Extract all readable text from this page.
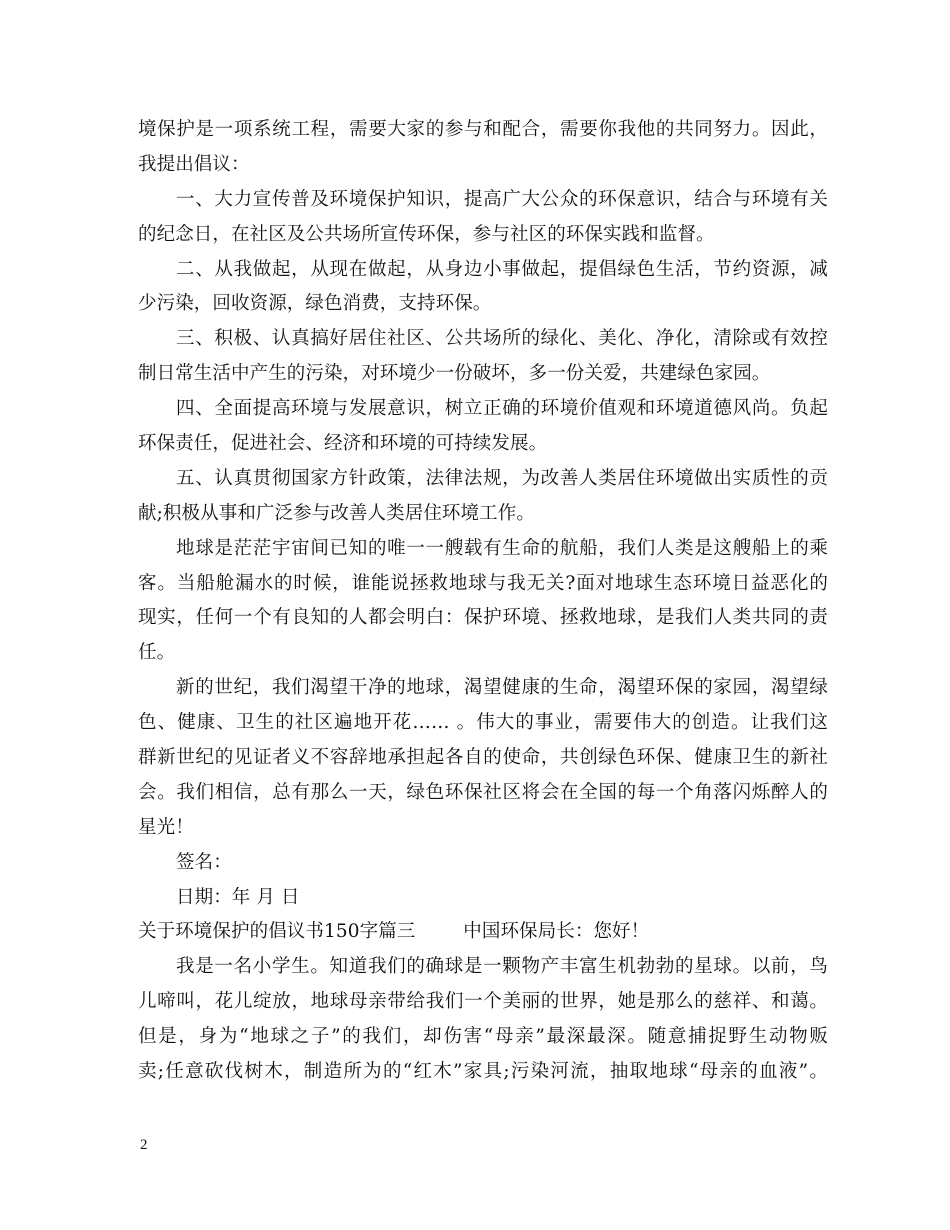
境保护是一项系统工程，需要大家的参与和配合，需要你我他的共同努力。因此，
我提出倡议：
一、大力宣传普及环境保护知识，提高广大公众的环保意识，结合与环境有关
的纪念日，在社区及公共场所宣传环保，参与社区的环保实践和监督。
二、从我做起，从现在做起，从身边小事做起，提倡绿色生活，节约资源，减
少污染，回收资源，绿色消费，支持环保。
三、积极、认真搞好居住社区、公共场所的绿化、美化、净化，清除或有效控
制日常生活中产生的污染，对环境少一份破坏，多一份关爱，共建绿色家园。
四、全面提高环境与发展意识，树立正确的环境价值观和环境道德风尚。负起
环保责任，促进社会、经济和环境的可持续发展。
五、认真贯彻国家方针政策，法律法规，为改善人类居住环境做出实质性的贡
献;积极从事和广泛参与改善人类居住环境工作。
地球是茫茫宇宙间已知的唯一一艘载有生命的航船，我们人类是这艘船上的乘
客。当船舱漏水的时候，谁能说拯救地球与我无关?面对地球生态环境日益恶化的
现实，任何一个有良知的人都会明白：保护环境、拯救地球，是我们人类共同的责
任。
新的世纪，我们渴望干净的地球，渴望健康的生命，渴望环保的家园，渴望绿
色、健康、卫生的社区遍地开花…… 。伟大的事业，需要伟大的创造。让我们这
群新世纪的见证者义不容辞地承担起各自的使命，共创绿色环保、健康卫生的新社
会。我们相信，总有那么一天，绿色环保社区将会在全国的每一个角落闪烁醉人的
星光！
签名：
日期：年 月 日
关于环境保护的倡议书150字篇三        中国环保局长：您好！
我是一名小学生。知道我们的确球是一颗物产丰富生机勃勃的星球。以前，鸟
儿啼叫，花儿绽放，地球母亲带给我们一个美丽的世界，她是那么的慈祥、和蔼。
但是，身为“地球之子”的我们，却伤害“母亲”最深最深。随意捕捉野生动物贩
卖;任意砍伐树木，制造所为的“红木”家具;污染河流，抽取地球“母亲的血液”。
2
